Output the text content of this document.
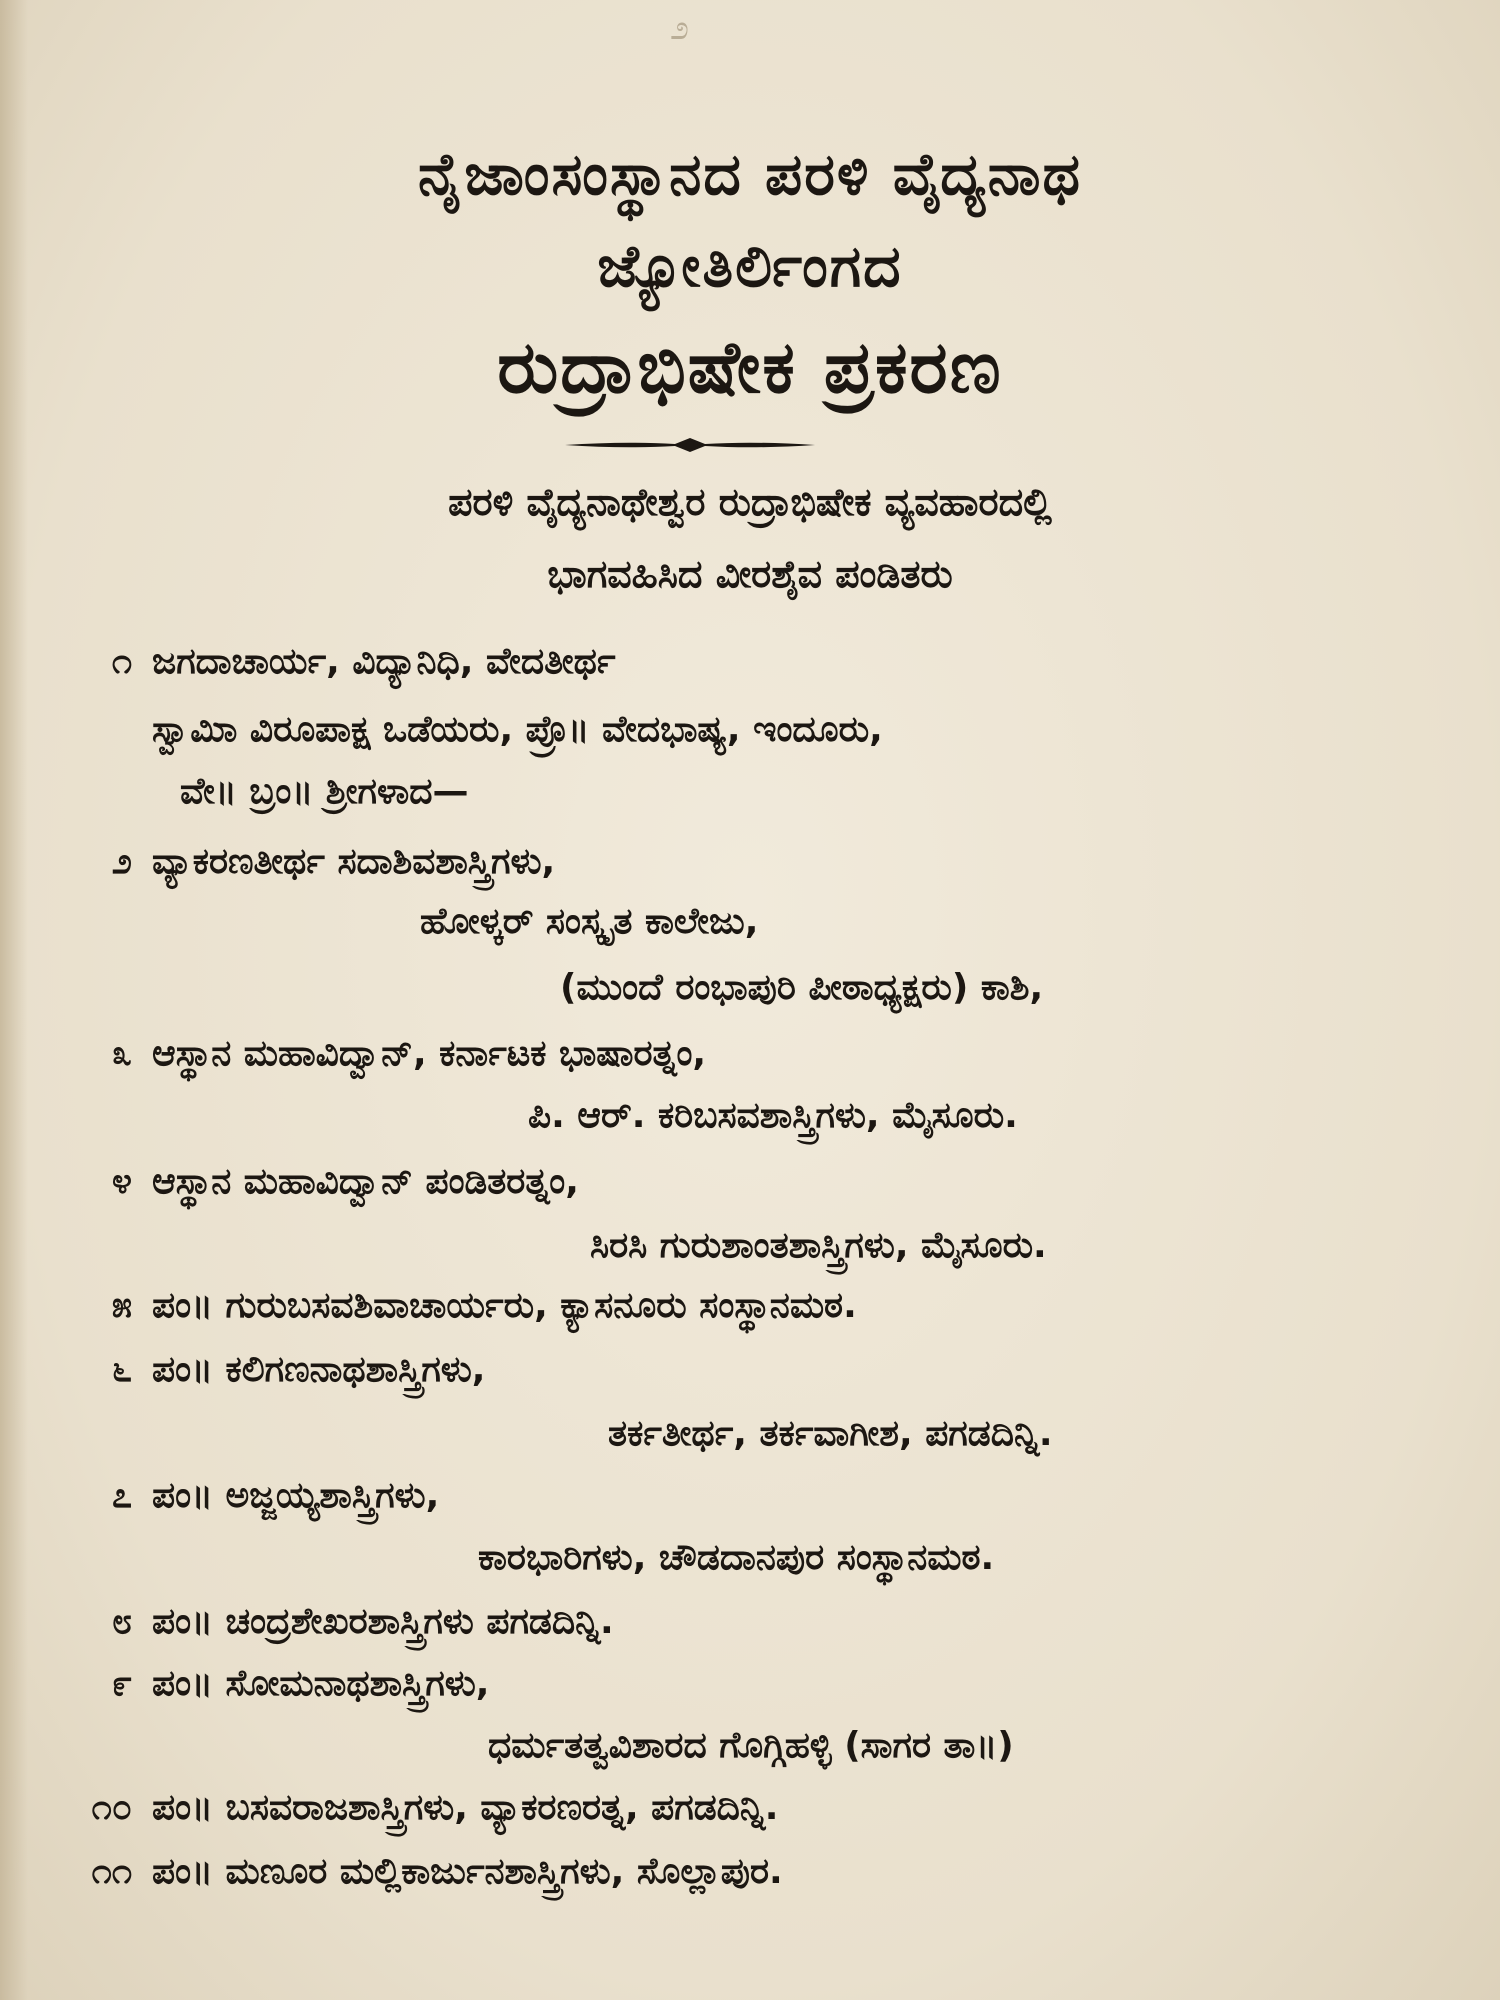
೨
ನೈಜಾಂಸಂಸ್ಥಾನದ ಪರಳಿ ವೈದ್ಯನಾಥ
ಜ್ಯೋತಿರ್ಲಿಂಗದ
ರುದ್ರಾಭಿಷೇಕ ಪ್ರಕರಣ
ಪರಳಿ ವೈದ್ಯನಾಥೇಶ್ವರ ರುದ್ರಾಭಿಷೇಕ ವ್ಯವಹಾರದಲ್ಲಿ
ಭಾಗವಹಿಸಿದ ವೀರಶೈವ ಪಂಡಿತರು
೧ ಜಗದಾಚಾರ್ಯ, ವಿದ್ಯಾನಿಧಿ, ವೇದತೀರ್ಥ
ಸ್ವಾಮಿಾ ವಿರೂಪಾಕ್ಷ ಒಡೆಯರು, ಪ್ರೊ॥ ವೇದಭಾಷ್ಯ, ಇಂದೂರು,
ವೇ॥ ಬ್ರಂ॥ ಶ್ರೀಗಳಾದ—
೨ ವ್ಯಾಕರಣತೀರ್ಥ ಸದಾಶಿವಶಾಸ್ತ್ರಿಗಳು,
ಹೋಳ್ಕರ್ ಸಂಸ್ಕೃತ ಕಾಲೇಜು,
(ಮುಂದೆ ರಂಭಾಪುರಿ ಪೀಠಾಧ್ಯಕ್ಷರು) ಕಾಶಿ,
೩ ಆಸ್ಥಾನ ಮಹಾವಿದ್ವಾನ್, ಕರ್ನಾಟಕ ಭಾಷಾರತ್ನಂ,
ಪಿ. ಆರ್. ಕರಿಬಸವಶಾಸ್ತ್ರಿಗಳು, ಮೈಸೂರು.
೪ ಆಸ್ಥಾನ ಮಹಾವಿದ್ವಾನ್ ಪಂಡಿತರತ್ನಂ,
ಸಿರಸಿ ಗುರುಶಾಂತಶಾಸ್ತ್ರಿಗಳು, ಮೈಸೂರು.
೫ ಪಂ॥ ಗುರುಬಸವಶಿವಾಚಾರ್ಯರು, ಕ್ಯಾಸನೂರು ಸಂಸ್ಥಾನಮಠ.
೬ ಪಂ॥ ಕಲಿಗಣನಾಥಶಾಸ್ತ್ರಿಗಳು,
ತರ್ಕತೀರ್ಥ, ತರ್ಕವಾಗೀಶ, ಪಗಡದಿನ್ನಿ.
೭ ಪಂ॥ ಅಜ್ಜಯ್ಯಶಾಸ್ತ್ರಿಗಳು,
ಕಾರಭಾರಿಗಳು, ಚೌಡದಾನಪುರ ಸಂಸ್ಥಾನಮಠ.
೮ ಪಂ॥ ಚಂದ್ರಶೇಖರಶಾಸ್ತ್ರಿಗಳು ಪಗಡದಿನ್ನಿ.
೯ ಪಂ॥ ಸೋಮನಾಥಶಾಸ್ತ್ರಿಗಳು,
ಧರ್ಮತತ್ವವಿಶಾರದ ಗೊಗ್ಗಿಹಳ್ಳಿ (ಸಾಗರ ತಾ॥)
೧೦ ಪಂ॥ ಬಸವರಾಜಶಾಸ್ತ್ರಿಗಳು, ವ್ಯಾಕರಣರತ್ನ, ಪಗಡದಿನ್ನಿ.
೧೧ ಪಂ॥ ಮಣೂರ ಮಲ್ಲಿಕಾರ್ಜುನಶಾಸ್ತ್ರಿಗಳು, ಸೊಲ್ಲಾಪುರ.
